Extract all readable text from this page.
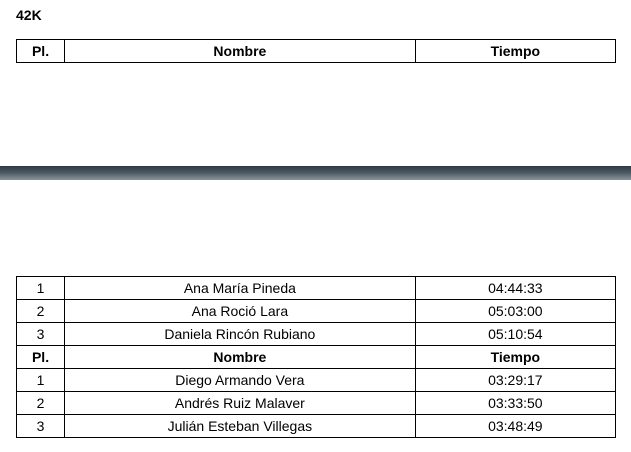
42K
Pl.	Nombre	Tiempo
1	Ana María Pineda	04:44:33
2	Ana Roció Lara	05:03:00
3	Daniela Rincón Rubiano	05:10:54
Pl.	Nombre	Tiempo
1	Diego Armando Vera	03:29:17
2	Andrés Ruiz Malaver	03:33:50
3	Julián Esteban Villegas	03:48:49
